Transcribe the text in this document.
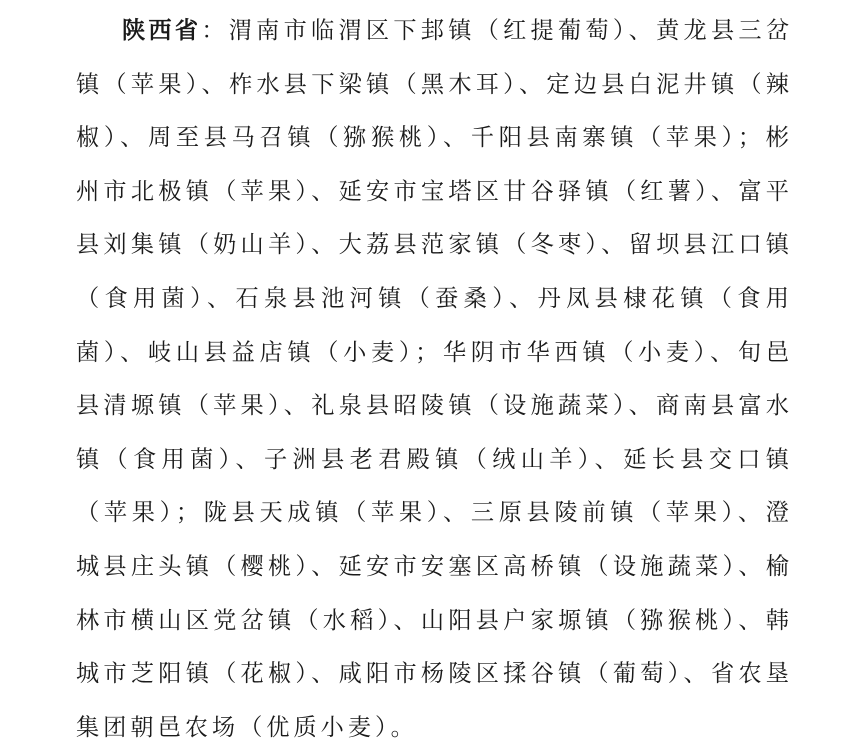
陕西省：渭南市临渭区下邽镇（红提葡萄）、黄龙县三岔镇（苹果）、柞水县下梁镇（黑木耳）、定边县白泥井镇（辣椒）、周至县马召镇（猕猴桃）、千阳县南寨镇（苹果）；彬州市北极镇（苹果）、延安市宝塔区甘谷驿镇（红薯）、富平县刘集镇（奶山羊）、大荔县范家镇（冬枣）、留坝县江口镇（食用菌）、石泉县池河镇（蚕桑）、丹凤县棣花镇（食用菌）、岐山县益店镇（小麦）；华阴市华西镇（小麦）、旬邑县清塬镇（苹果）、礼泉县昭陵镇（设施蔬菜）、商南县富水镇（食用菌）、子洲县老君殿镇（绒山羊）、延长县交口镇（苹果）；陇县天成镇（苹果）、三原县陵前镇（苹果）、澄城县庄头镇（樱桃）、延安市安塞区高桥镇（设施蔬菜）、榆林市横山区党岔镇（水稻）、山阳县户家塬镇（猕猴桃）、韩城市芝阳镇（花椒）、咸阳市杨陵区揉谷镇（葡萄）、省农垦集团朝邑农场（优质小麦）。
